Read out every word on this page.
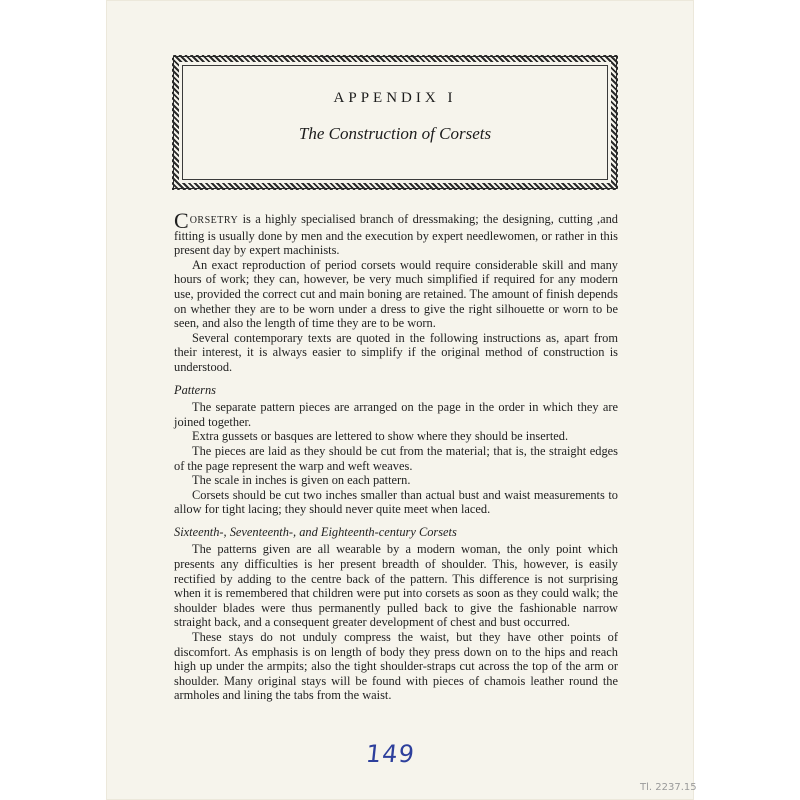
APPENDIX I
The Construction of Corsets

CORSETRY is a highly specialised branch of dressmaking; the designing, cutting ,and fitting is usually done by men and the execution by expert needlewomen, or rather in this present day by expert machinists.

An exact reproduction of period corsets would require considerable skill and many hours of work; they can, however, be very much simplified if required for any modern use, provided the correct cut and main boning are retained. The amount of finish depends on whether they are to be worn under a dress to give the right silhouette or worn to be seen, and also the length of time they are to be worn.

Several contemporary texts are quoted in the following instructions as, apart from their interest, it is always easier to simplify if the original method of construction is understood.

Patterns

The separate pattern pieces are arranged on the page in the order in which they are joined together.

Extra gussets or basques are lettered to show where they should be inserted.

The pieces are laid as they should be cut from the material; that is, the straight edges of the page represent the warp and weft weaves.

The scale in inches is given on each pattern.

Corsets should be cut two inches smaller than actual bust and waist measurements to allow for tight lacing; they should never quite meet when laced.

Sixteenth-, Seventeenth-, and Eighteenth-century Corsets

The patterns given are all wearable by a modern woman, the only point which presents any difficulties is her present breadth of shoulder. This, however, is easily rectified by adding to the centre back of the pattern. This difference is not surprising when it is remembered that children were put into corsets as soon as they could walk; the shoulder blades were thus permanently pulled back to give the fashionable narrow straight back, and a consequent greater development of chest and bust occurred.

These stays do not unduly compress the waist, but they have other points of discomfort. As emphasis is on length of body they press down on to the hips and reach high up under the armpits; also the tight shoulder-straps cut across the top of the arm or shoulder. Many original stays will be found with pieces of chamois leather round the armholes and lining the tabs from the waist.

149
Tl. 2237.15
